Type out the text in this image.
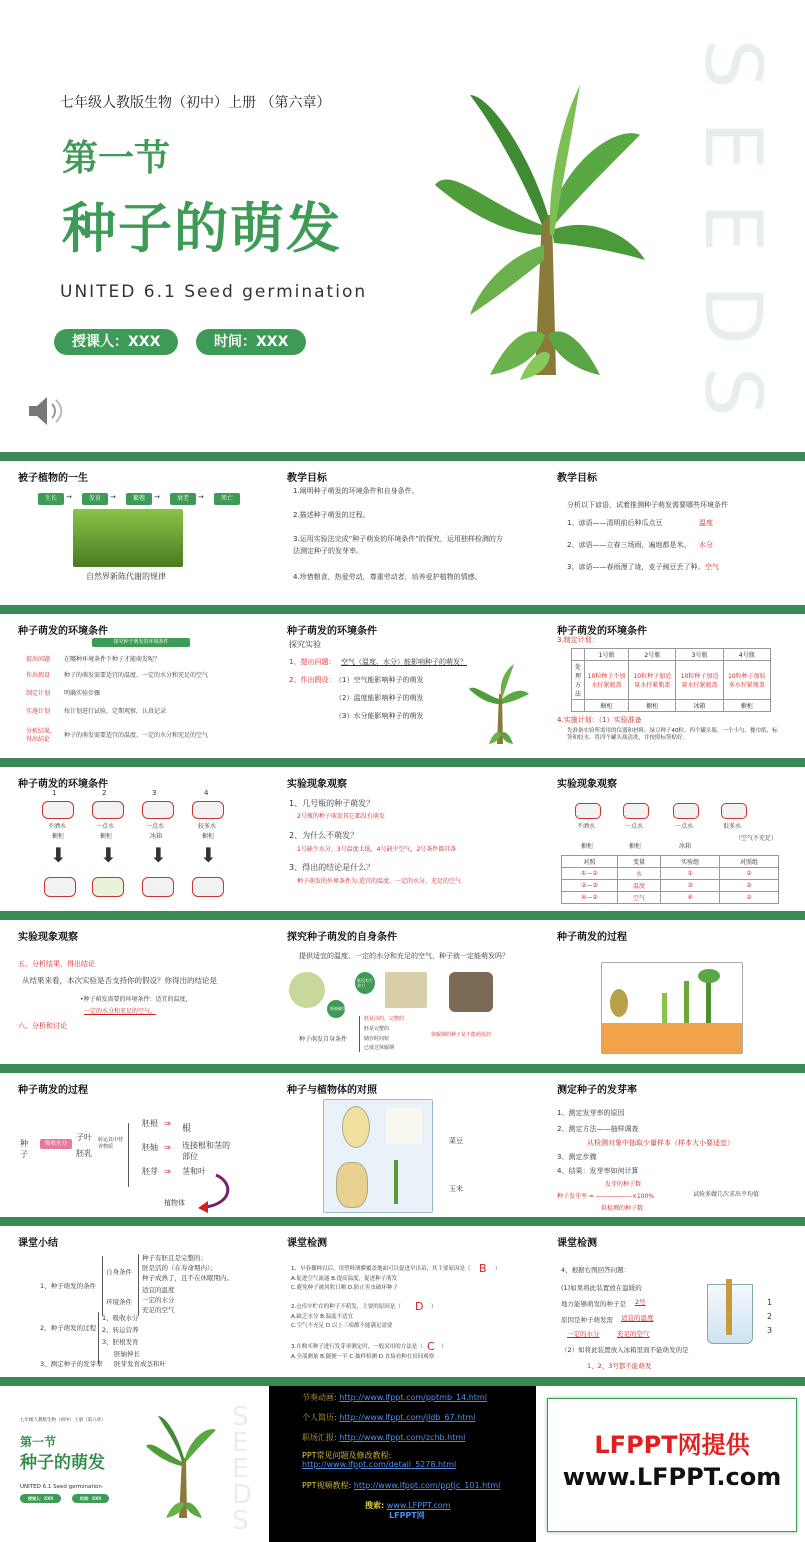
七年级人教版生物（初中）上册 （第六章）
第一节
种子的萌发
UNITED 6.1 Seed germination
授课人：XXX	时间：XXX
S
E
E
D
S
被子植物的一生
生长	发育	繁殖	衰老	死亡
→	→	→	→
自然界新陈代谢的规律
教学目标
1.阐明种子萌发的环境条件和自身条件。
2.描述种子萌发的过程。
3.运用实验法完成“种子萌发的环境条件”的探究，运用独样检测的方
法测定种子的发芽率。
4.珍惜粮食，热爱劳动，尊重劳动者，培养爱护植物的情感。
教学目标
分析以下谚语，试着推测种子萌发需要哪些环境条件
1、谚语——清明前后种瓜点豆	温度
2、谚语——立春三场雨，遍地都是米。 水分
3、谚语——春雨漫了垅，麦子豌豆丢了种。 空气
种子萌发的环境条件
探究种子萌发的环境条件
提出问题 在哪种环境条件下种子才能萌发呢？
作出假设 种子的萌发需要适宜的温度、一定的水分和充足的空气
制定计划 明确实验步骤
实施计划 按计划进行试验，定期观察，认真记录
分析结果，
得出结论
种子的萌发需要适宜的温度、一定的水分和充足的空气
种子萌发的环境条件
探究实验
1、提出问题： 空气（温度、水分）能影响种子的萌发？
2、作出假设： （1）空气能影响种子的萌发
（2）温度能影响种子的萌发
（3）水分能影响种子的萌发
种子萌发的环境条件
3.制定计划：
	1号瓶	2号瓶	3号瓶	4号瓶
处理方法	10粒种子不加水拧紧瓶盖	10粒种子加适量水拧紧瓶盖	10粒种子加适量水拧紧瓶盖	10粒种子加较多水拧紧瓶盖
	橱柜	橱柜	冰箱	橱柜
4.实施计划：（1）实验准备
先准备实验所需用的仪器和材料。绿豆种子40粒、四个罐头瓶、一个小勺、餐巾纸、标签和胶水。将四个罐头瓶清洗，并按照标签贴好。
种子萌发的环境条件
1	2	3	4
不洒水	一点水	一点水	较多水
橱柜	橱柜	冰箱	橱柜
⬇ ⬇ ⬇ ⬇
实验现象观察
1、几号瓶的种子萌发？
2号瓶的种子萌发其它都没有萌发
2、为什么不萌发？
1号缺少水分，3号温度太低，4号缺少空气，2号条件都具备
3、得出的结论是什么？
种子萌发的外界条件为:适宜的温度、一定的水分、充足的空气
实验现象观察
不洒水	一点水	一点水	很多水
橱柜	橱柜	冰箱
（空气不充足）
对照	变量	实验组	对照组
①—②	水	①	②
②—③	温度	③	②
④—②	空气	④	②
实验现象观察
五、分析结果，得出结论
从结果来看，本次实验是否支持你的假设？你得出的结论是
•种子萌发需要的环境条件：适宜的温度，
一定的水分和充足的空气。
六、分析和讨论
探究种子萌发的自身条件
提供适宜的温度、一定的水分和充足的空气，种子就一定能萌发吗？
胚被破坏
胚没有生命力
种子萌发自身条件
胚是活的，完整的
胚是完整的
储存时间短
已度过休眠期
休眠期的种子是不能萌发的
种子萌发的过程
种子萌发的过程
种子
吸收水分
子叶
胚乳
转运其中营养物质
胚根
胚轴
胚芽
⇒
⇒
⇒
根
连接根和茎的部位
茎和叶
植物体
种子与植物体的对照
菜豆
玉米
测定种子的发芽率
1、测定发芽率的原因
2、测定方法——抽样调查
从检测对象中抽取少量样本（样本大小要适宜）
3、测定步骤
4、结果：发芽率如何计算
发芽的种子数
种子发芽率 = ——————×100%
供检测的种子数
试验多做几次求出平均值
课堂小结
1、种子萌发的条件
自身条件
种子有胚且是完整的；
胚是活的（在寿命期内）；
种子成熟了，且不在休眠期内。
环境条件
适宜的温度
一定的水分
充足的空气
2、种子萌发的过程
1、吸收水分
2、转运营养
3、胚根发育
胚轴伸长
胚芽发育成茎和叶
3、测定种子的发芽率
课堂检测
1、早春播种以后，用塑料薄膜覆盖地面可以促进早出苗，其主要原因是（ B ）
A.促进空气流通 B.提高温度，促进种子萌发
C.避免种子被风吹日晒 D.防止害虫破坏种子
2.仓库中贮存的种子不萌发，主要的原因是（ D ）
A.缺乏水分 B.温度不适宜
C.空气不充足 D.以上三项都不能满足需要
3.在购买种子进行发芽率测定时，一般采用的方法是（ C ）
A.全部测量 B.随便一半 C.抽样检测 D.直接看种在田间观察
课堂检测
4、根据右图回答问题：
(1)如果将此装置放在温暖的
地方能够萌发的种子是 2号
原因是种子萌发需 适宜的温度
一定的水分	充足的空气
（2）如将此装置放入冰箱里面不能萌发的是
1、2、3号都不能萌发
1
2
3
七年级人教版生物（初中）上册（第六章）
第一节
种子的萌发
UNITED 6.1 Seed germination
授课人：XXX	时间：XXX
S
E
E
D
S
节奏动画: http://www.lfppt.com/pptmb_14.html
个人简历: http://www.lfppt.com/jldb_67.html
职场汇报: http://www.lfppt.com/zchb.html
PPT常见问题及修改教程:
http://www.lfppt.com/detail_5278.html
PPT视频教程: http://www.lfppt.com/pptjc_101.html
搜索: www.LFPPT.com
LFPPT网
LFPPT网提供
www.LFPPT.com
